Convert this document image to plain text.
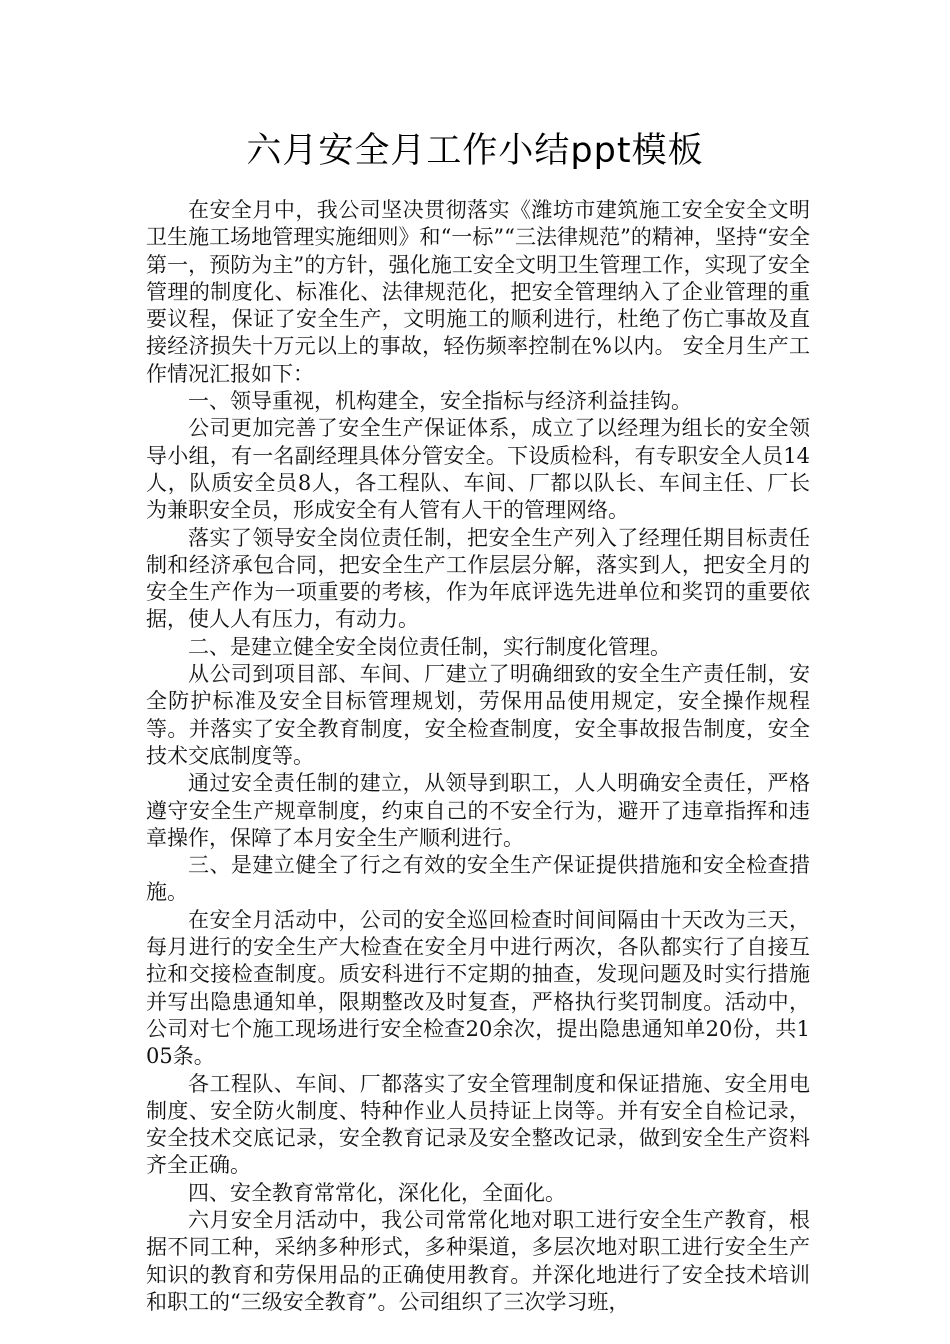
六月安全月工作小结ppt模板

在安全月中，我公司坚决贯彻落实《潍坊市建筑施工安全安全文明卫生施工场地管理实施细则》和“一标”“三法律规范”的精神，坚持“安全第一，预防为主”的方针，强化施工安全文明卫生管理工作，实现了安全管理的制度化、标准化、法律规范化，把安全管理纳入了企业管理的重要议程，保证了安全生产，文明施工的顺利进行，杜绝了伤亡事故及直接经济损失十万元以上的事故，轻伤频率控制在%以内。 安全月生产工作情况汇报如下：

一、领导重视，机构建全，安全指标与经济利益挂钩。

公司更加完善了安全生产保证体系，成立了以经理为组长的安全领导小组，有一名副经理具体分管安全。下设质检科，有专职安全人员14人，队质安全员8人，各工程队、车间、厂都以队长、车间主任、厂长为兼职安全员，形成安全有人管有人干的管理网络。

落实了领导安全岗位责任制，把安全生产列入了经理任期目标责任制和经济承包合同，把安全生产工作层层分解，落实到人，把安全月的安全生产作为一项重要的考核，作为年底评选先进单位和奖罚的重要依据，使人人有压力，有动力。

二、是建立健全安全岗位责任制，实行制度化管理。

从公司到项目部、车间、厂建立了明确细致的安全生产责任制，安全防护标准及安全目标管理规划，劳保用品使用规定，安全操作规程等。并落实了安全教育制度，安全检查制度，安全事故报告制度，安全技术交底制度等。

通过安全责任制的建立，从领导到职工，人人明确安全责任，严格遵守安全生产规章制度，约束自己的不安全行为，避开了违章指挥和违章操作，保障了本月安全生产顺利进行。

三、是建立健全了行之有效的安全生产保证提供措施和安全检查措施。

在安全月活动中，公司的安全巡回检查时间间隔由十天改为三天，每月进行的安全生产大检查在安全月中进行两次，各队都实行了自接互拉和交接检查制度。质安科进行不定期的抽查，发现问题及时实行措施并写出隐患通知单，限期整改及时复查，严格执行奖罚制度。活动中，公司对七个施工现场进行安全检查20余次，提出隐患通知单20份，共105条。

各工程队、车间、厂都落实了安全管理制度和保证措施、安全用电制度、安全防火制度、特种作业人员持证上岗等。并有安全自检记录，安全技术交底记录，安全教育记录及安全整改记录，做到安全生产资料齐全正确。

四、安全教育常常化，深化化，全面化。

六月安全月活动中，我公司常常化地对职工进行安全生产教育，根据不同工种，采纳多种形式，多种渠道，多层次地对职工进行安全生产知识的教育和劳保用品的正确使用教育。并深化地进行了安全技术培训和职工的“三级安全教育”。公司组织了三次学习班，
